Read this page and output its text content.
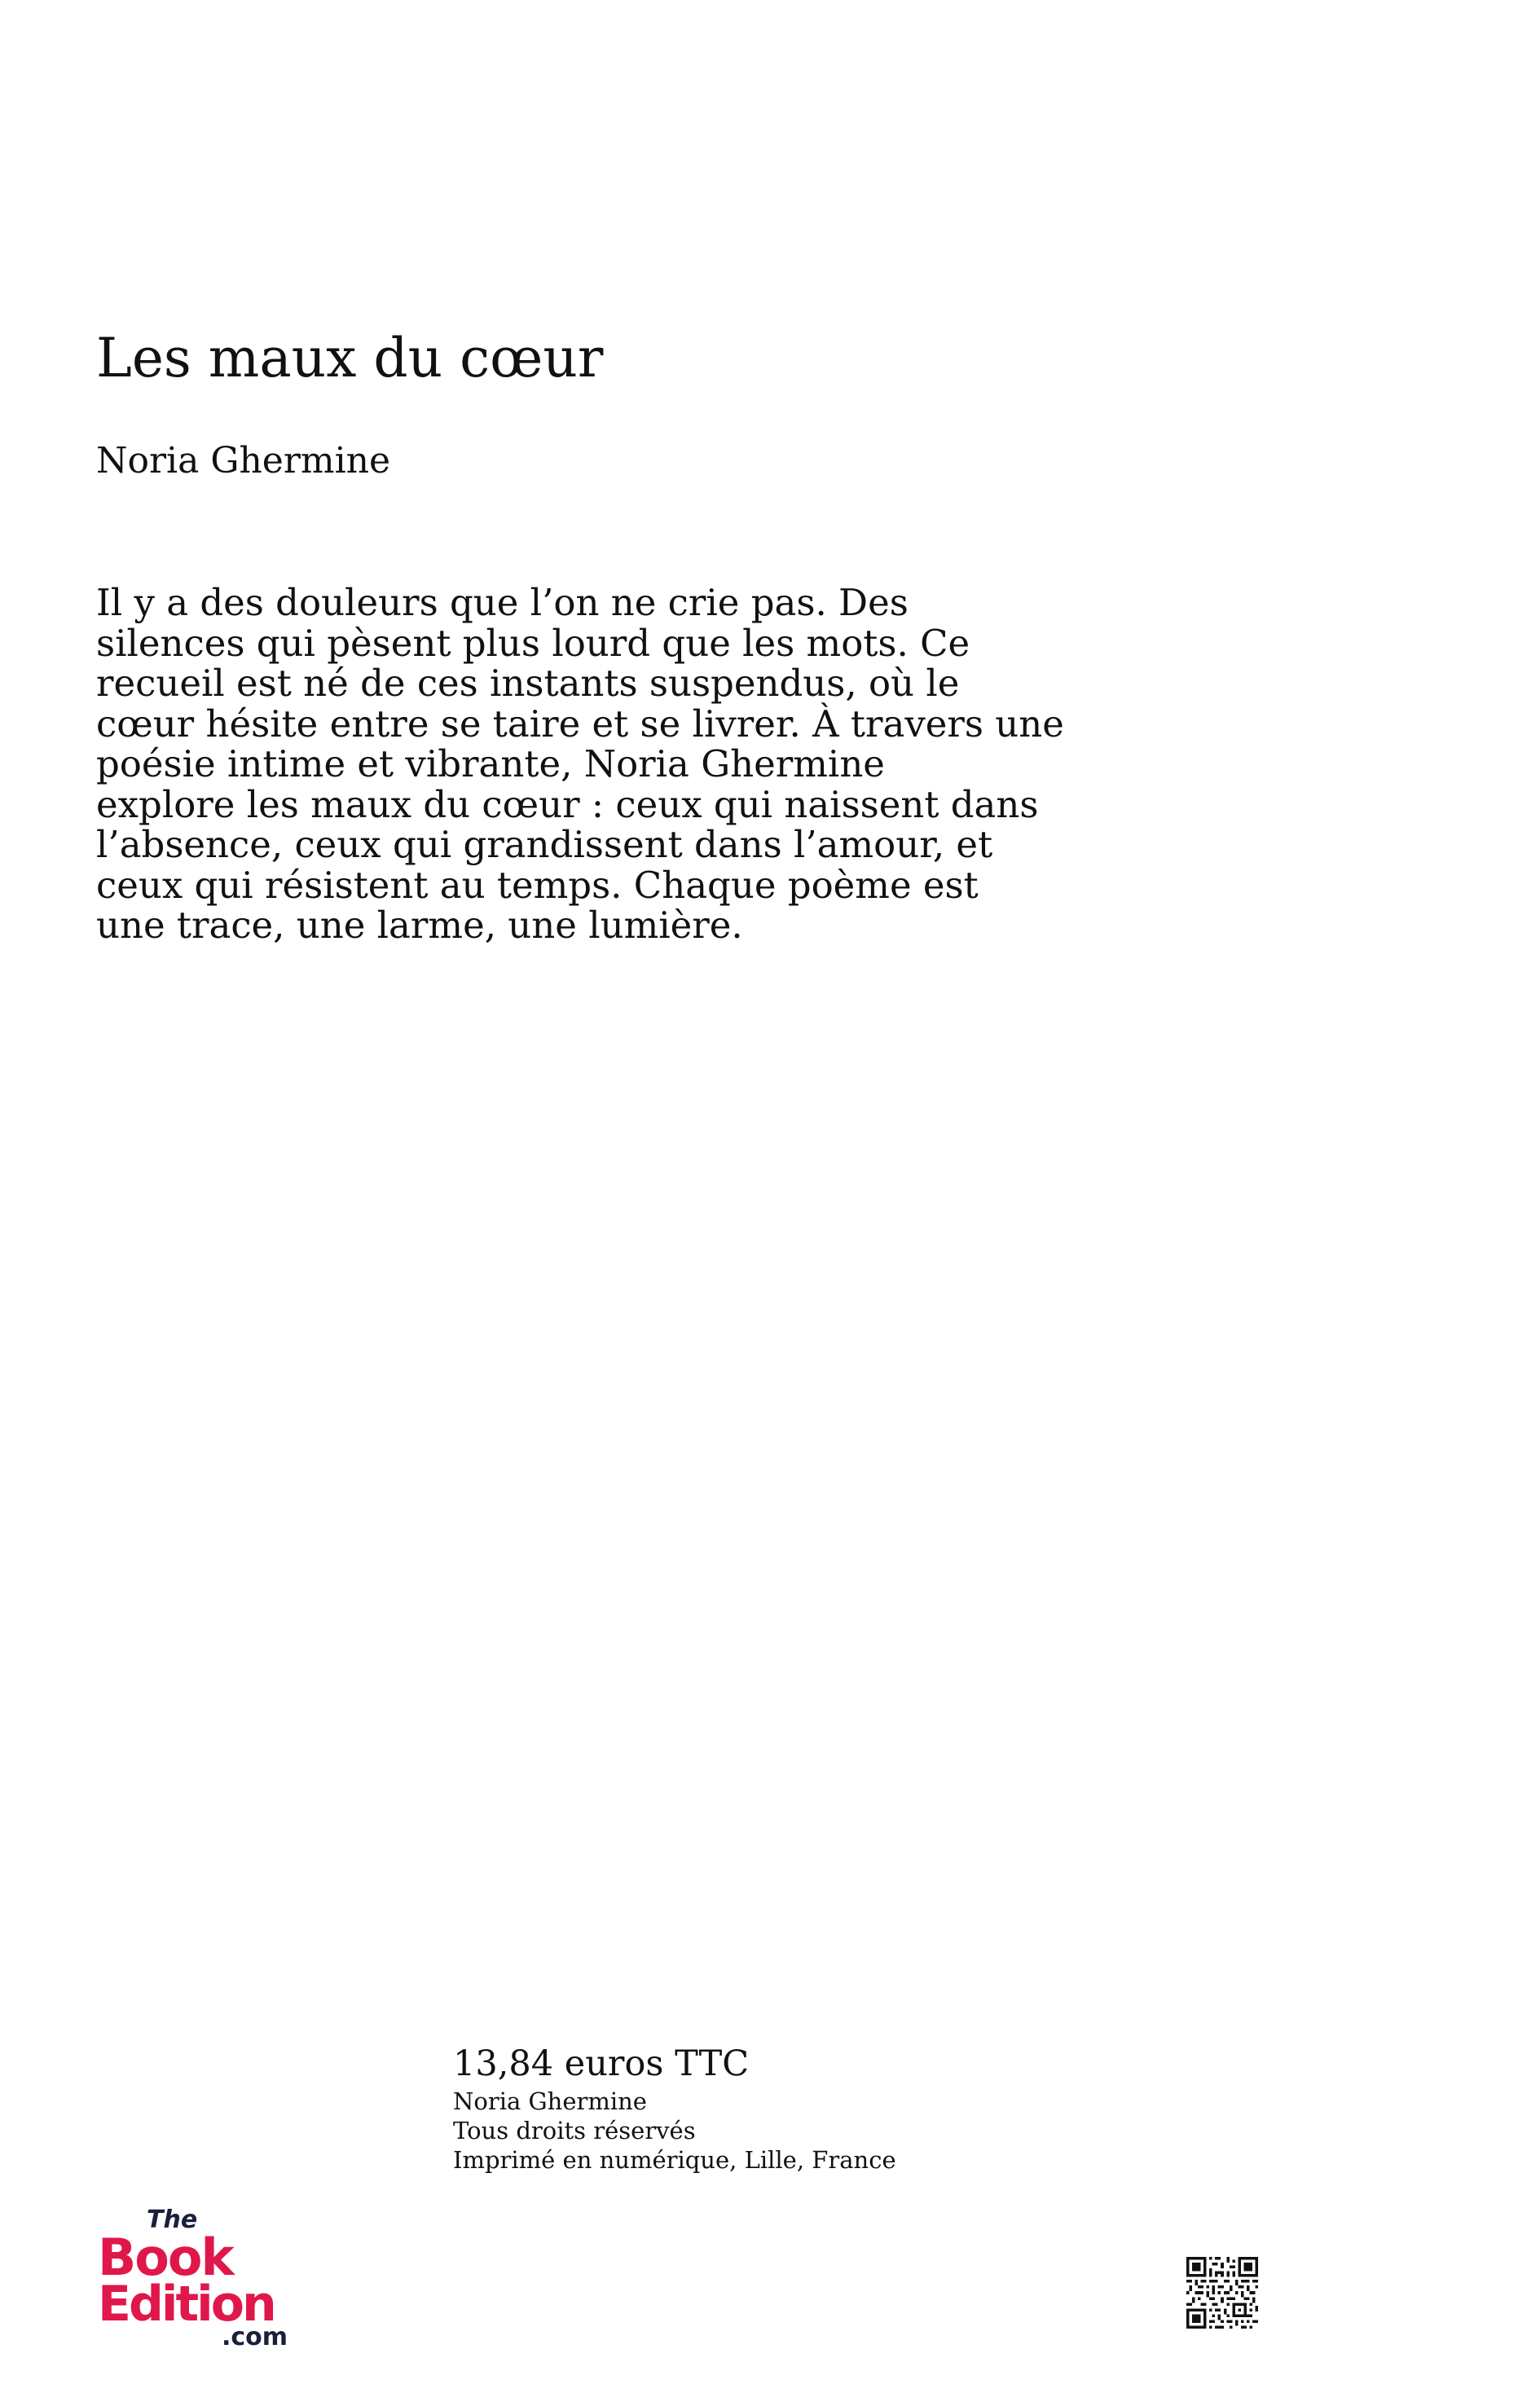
Les maux du cœur

Noria Ghermine

Il y a des douleurs que l’on ne crie pas. Des
silences qui pèsent plus lourd que les mots. Ce
recueil est né de ces instants suspendus, où le
cœur hésite entre se taire et se livrer. À travers une
poésie intime et vibrante, Noria Ghermine
explore les maux du cœur : ceux qui naissent dans
l’absence, ceux qui grandissent dans l’amour, et
ceux qui résistent au temps. Chaque poème est
une trace, une larme, une lumière.
13,84 euros TTC
Noria Ghermine
Tous droits réservés
Imprimé en numérique, Lille, France
The
Book
Edition
.com
